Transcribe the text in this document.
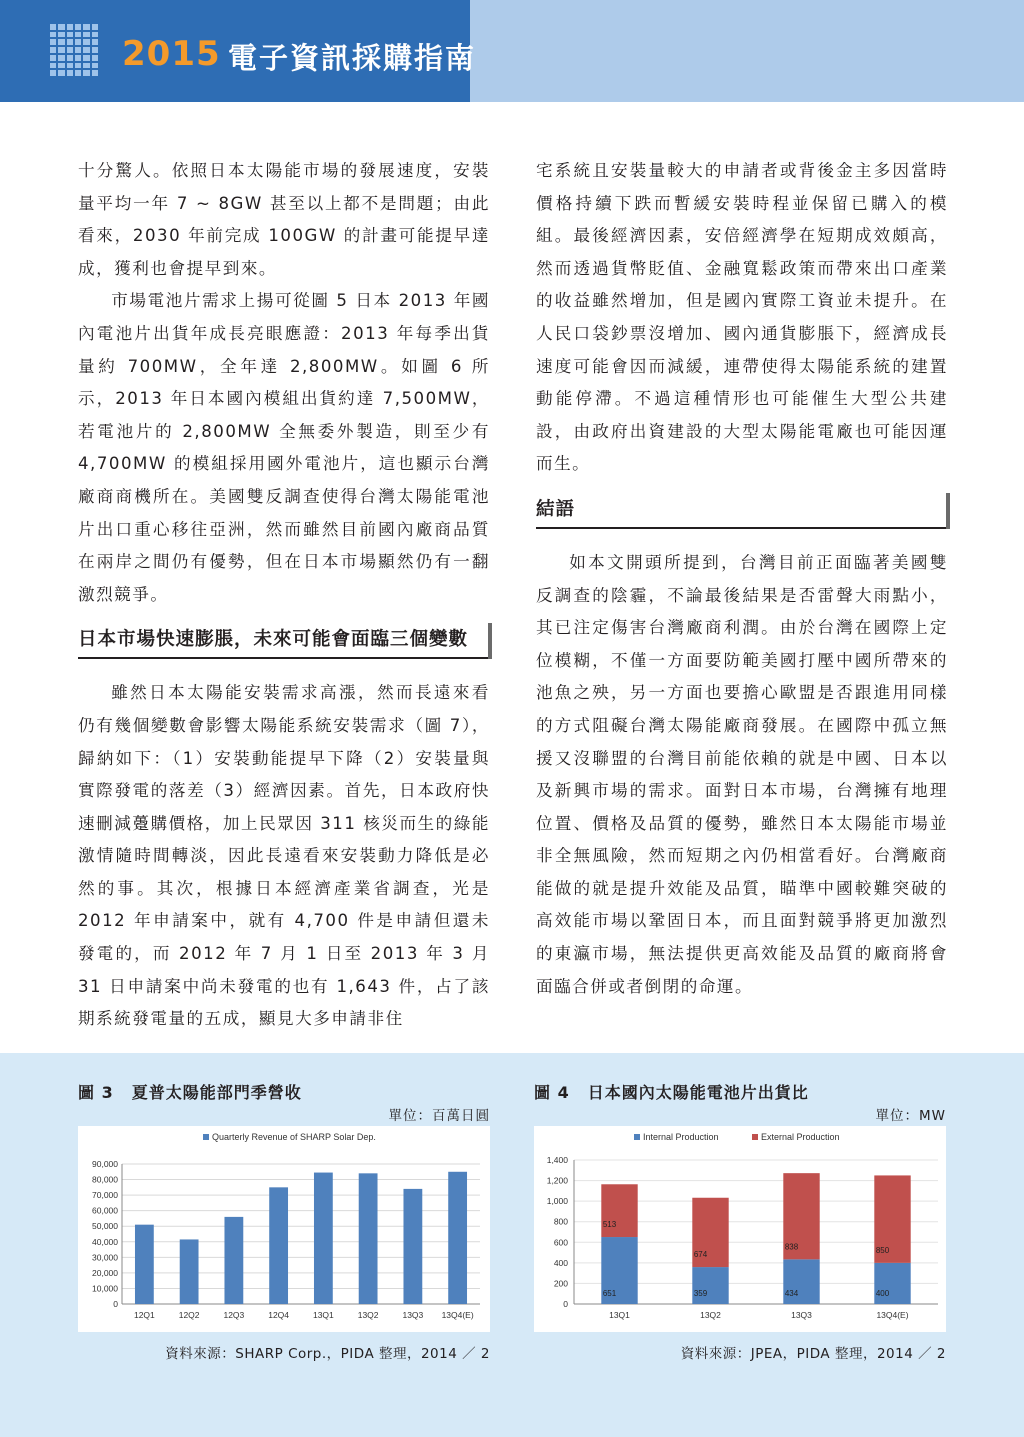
2015 電子資訊採購指南

十分驚人。依照日本太陽能市場的發展速度，安裝量平均一年 7 ~ 8GW 甚至以上都不是問題；由此看來，2030 年前完成 100GW 的計畫可能提早達成，獲利也會提早到來。

市場電池片需求上揚可從圖 5 日本 2013 年國內電池片出貨年成長亮眼應證：2013 年每季出貨量約 700MW，全年達 2,800MW。如圖 6 所示，2013 年日本國內模組出貨約達 7,500MW，若電池片的 2,800MW 全無委外製造，則至少有 4,700MW 的模組採用國外電池片，這也顯示台灣廠商商機所在。美國雙反調查使得台灣太陽能電池片出口重心移往亞洲，然而雖然目前國內廠商品質在兩岸之間仍有優勢，但在日本市場顯然仍有一翻激烈競爭。

日本市場快速膨脹，未來可能會面臨三個變數

雖然日本太陽能安裝需求高漲，然而長遠來看仍有幾個變數會影響太陽能系統安裝需求（圖 7），歸納如下：（1）安裝動能提早下降（2）安裝量與實際發電的落差（3）經濟因素。首先，日本政府快速刪減躉購價格，加上民眾因 311 核災而生的綠能激情隨時間轉淡，因此長遠看來安裝動力降低是必然的事。其次，根據日本經濟產業省調查，光是 2012 年申請案中，就有 4,700 件是申請但還未發電的，而 2012 年 7 月 1 日至 2013 年 3 月 31 日申請案中尚未發電的也有 1,643 件，占了該期系統發電量的五成，顯見大多申請非住

宅系統且安裝量較大的申請者或背後金主多因當時價格持續下跌而暫緩安裝時程並保留已購入的模組。最後經濟因素，安倍經濟學在短期成效頗高，然而透過貨幣貶值、金融寬鬆政策而帶來出口產業的收益雖然增加，但是國內實際工資並未提升。在人民口袋鈔票沒增加、國內通貨膨脹下，經濟成長速度可能會因而減緩，連帶使得太陽能系統的建置動能停滯。不過這種情形也可能催生大型公共建設，由政府出資建設的大型太陽能電廠也可能因運而生。

結語

如本文開頭所提到，台灣目前正面臨著美國雙反調查的陰霾，不論最後結果是否雷聲大雨點小，其已注定傷害台灣廠商利潤。由於台灣在國際上定位模糊，不僅一方面要防範美國打壓中國所帶來的池魚之殃，另一方面也要擔心歐盟是否跟進用同樣的方式阻礙台灣太陽能廠商發展。在國際中孤立無援又沒聯盟的台灣目前能依賴的就是中國、日本以及新興市場的需求。面對日本市場，台灣擁有地理位置、價格及品質的優勢，雖然日本太陽能市場並非全無風險，然而短期之內仍相當看好。台灣廠商能做的就是提升效能及品質，瞄準中國較難突破的高效能市場以鞏固日本，而且面對競爭將更加激烈的東瀛市場，無法提供更高效能及品質的廠商將會面臨合併或者倒閉的命運。

圖 3 夏普太陽能部門季營收
單位：百萬日圓
Quarterly Revenue of SHARP Solar Dep.
0
10,000
20,000
30,000
40,000
50,000
60,000
70,000
80,000
90,000
12Q1	12Q2	12Q3	12Q4	13Q1	13Q2	13Q3 13Q4(E)
資料來源：SHARP Corp.，PIDA 整理，2014 ／ 2
圖 4 日本國內太陽能電池片出貨比
單位：MW
Internal Production	External Production
0
200
400
600
800
1,000
1,200
1,400
651
513
13Q1
359
674
13Q2
434
838
13Q3
400
850
13Q4(E)
資料來源：JPEA，PIDA 整理，2014 ／ 2
